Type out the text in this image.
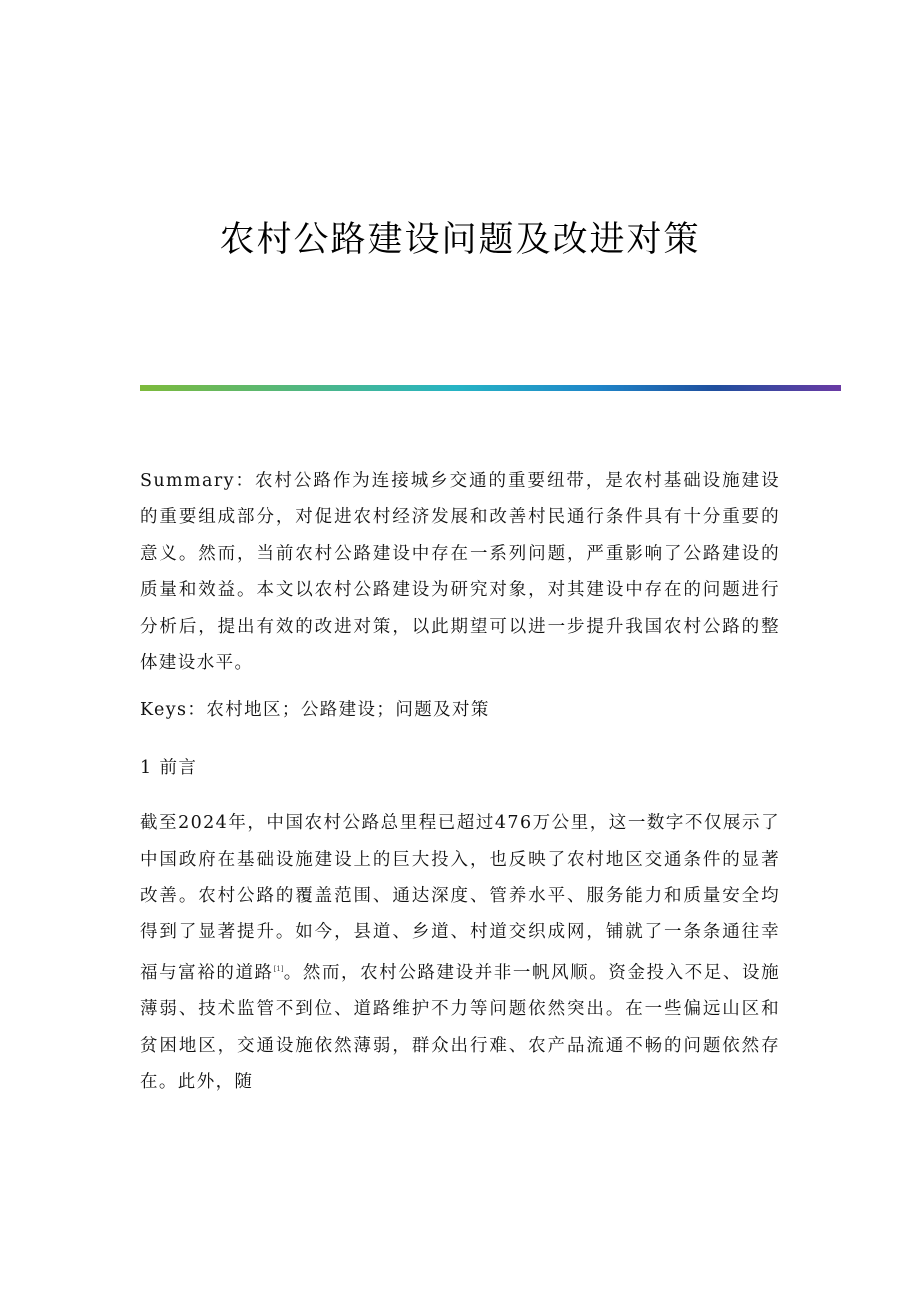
农村公路建设问题及改进对策

Summary：农村公路作为连接城乡交通的重要纽带，是农村基础设施建设的重要组成部分，对促进农村经济发展和改善村民通行条件具有十分重要的意义。然而，当前农村公路建设中存在一系列问题，严重影响了公路建设的质量和效益。本文以农村公路建设为研究对象，对其建设中存在的问题进行分析后，提出有效的改进对策，以此期望可以进一步提升我国农村公路的整体建设水平。

Keys：农村地区；公路建设；问题及对策

1 前言

截至2024年，中国农村公路总里程已超过476万公里，这一数字不仅展示了中国政府在基础设施建设上的巨大投入，也反映了农村地区交通条件的显著改善。农村公路的覆盖范围、通达深度、管养水平、服务能力和质量安全均得到了显著提升。如今，县道、乡道、村道交织成网，铺就了一条条通往幸福与富裕的道路[1]。然而，农村公路建设并非一帆风顺。资金投入不足、设施薄弱、技术监管不到位、道路维护不力等问题依然突出。在一些偏远山区和贫困地区，交通设施依然薄弱，群众出行难、农产品流通不畅的问题依然存在。此外，随
